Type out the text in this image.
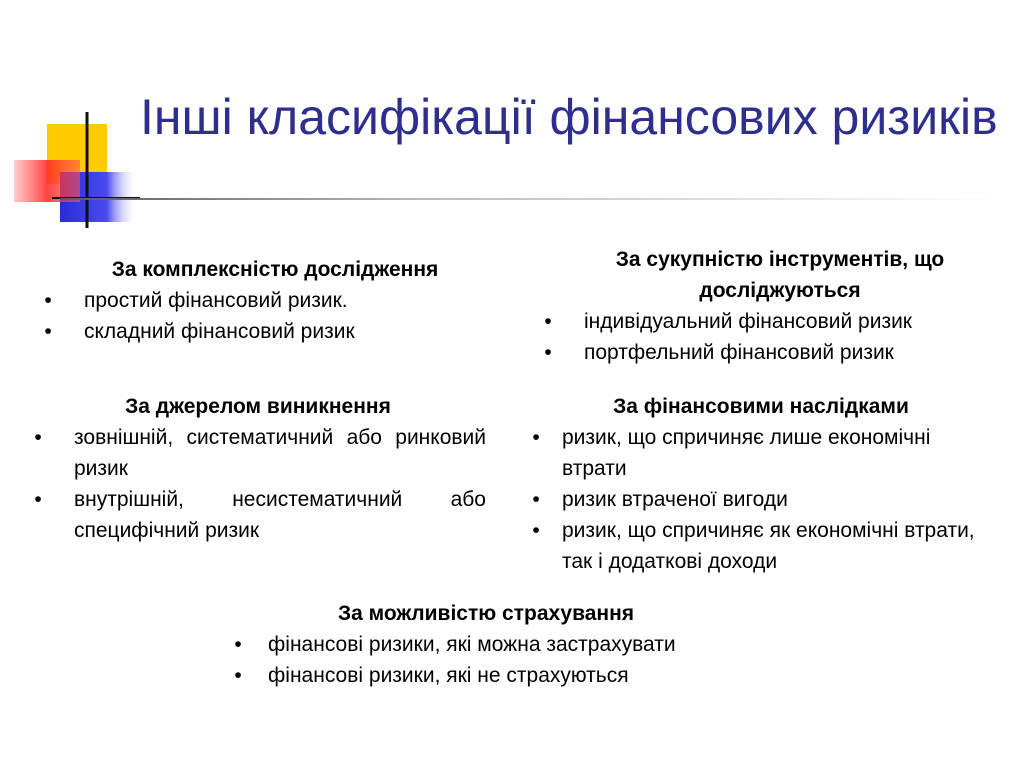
Інші класифікації фінансових ризиків
За комплексністю дослідження
• простий фінансовий ризик.
• складний фінансовий ризик
За сукупністю інструментів, що досліджуються
• індивідуальний фінансовий ризик
• портфельний фінансовий ризик
За джерелом виникнення
• зовнішній, систематичний або ринковий ризик
• внутрішній, несистематичний або специфічний ризик
За фінансовими наслідками
• ризик, що спричиняє лише економічні втрати
• ризик втраченої вигоди
• ризик, що спричиняє як економічні втрати, так і додаткові доходи
За можливістю страхування
• фінансові ризики, які можна застрахувати
• фінансові ризики, які не страхуються
